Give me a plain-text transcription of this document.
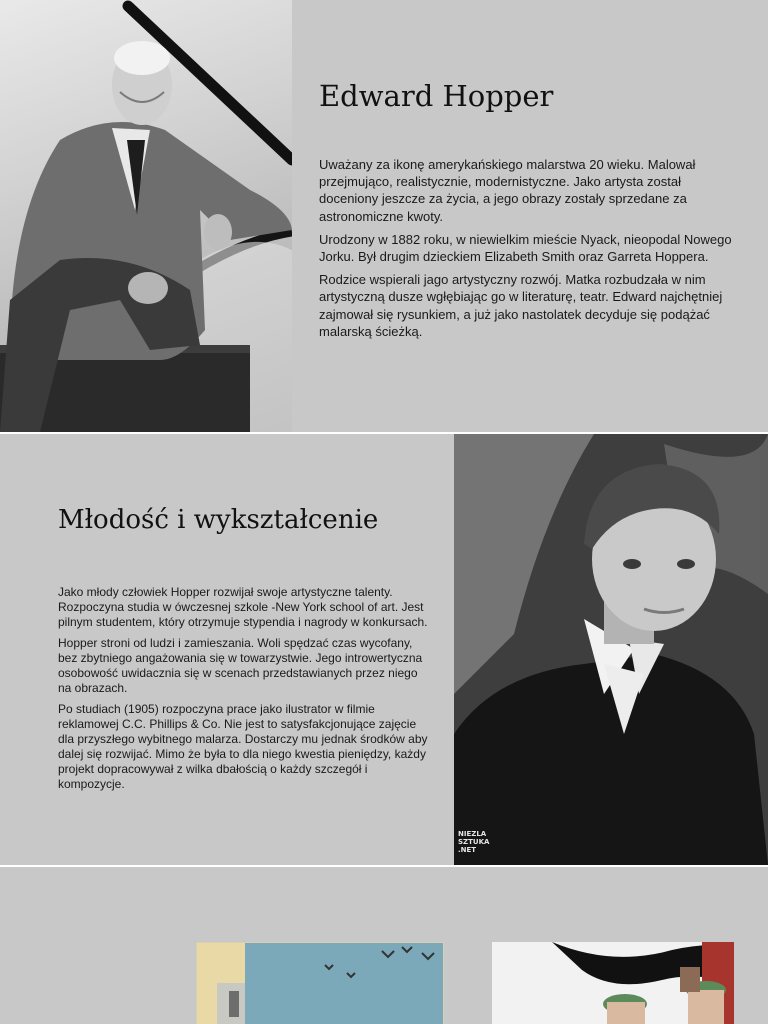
Edward Hopper

Uważany za ikonę amerykańskiego malarstwa 20 wieku. Malował przejmująco, realistycznie, modernistyczne. Jako artysta został doceniony jeszcze za życia, a jego obrazy zostały sprzedane za astronomiczne kwoty.

Urodzony w 1882 roku, w niewielkim mieście Nyack, nieopodal Nowego Jorku. Był drugim dzieckiem Elizabeth Smith oraz Garreta Hoppera.

Rodzice wspierali jago artystyczny rozwój. Matka rozbudzała w nim artystyczną dusze wgłębiając go w literaturę, teatr. Edward najchętniej zajmował się rysunkiem, a już jako nastolatek decyduje się podążać malarską ścieżką.

Młodość i wykształcenie

Jako młody człowiek Hopper rozwijał swoje artystyczne talenty. Rozpoczyna studia w ówczesnej szkole -New York school of art. Jest pilnym studentem, który otrzymuje stypendia i nagrody w konkursach.

Hopper stroni od ludzi i zamieszania. Woli spędzać czas wycofany, bez zbytniego angażowania się w towarzystwie. Jego introwertyczna osobowość uwidacznia się w scenach przedstawianych przez niego na obrazach.

Po studiach (1905) rozpoczyna prace jako ilustrator w filmie reklamowej C.C. Phillips & Co. Nie jest to satysfakcjonujące zajęcie dla przyszłego wybitnego malarza. Dostarczy mu jednak środków aby dalej się rozwijać. Mimo że była to dla niego kwestia pieniędzy, każdy projekt dopracowywał z wilka dbałością o każdy szczegół i kompozycje.

NIEZLA
SZTUKA
.NET
